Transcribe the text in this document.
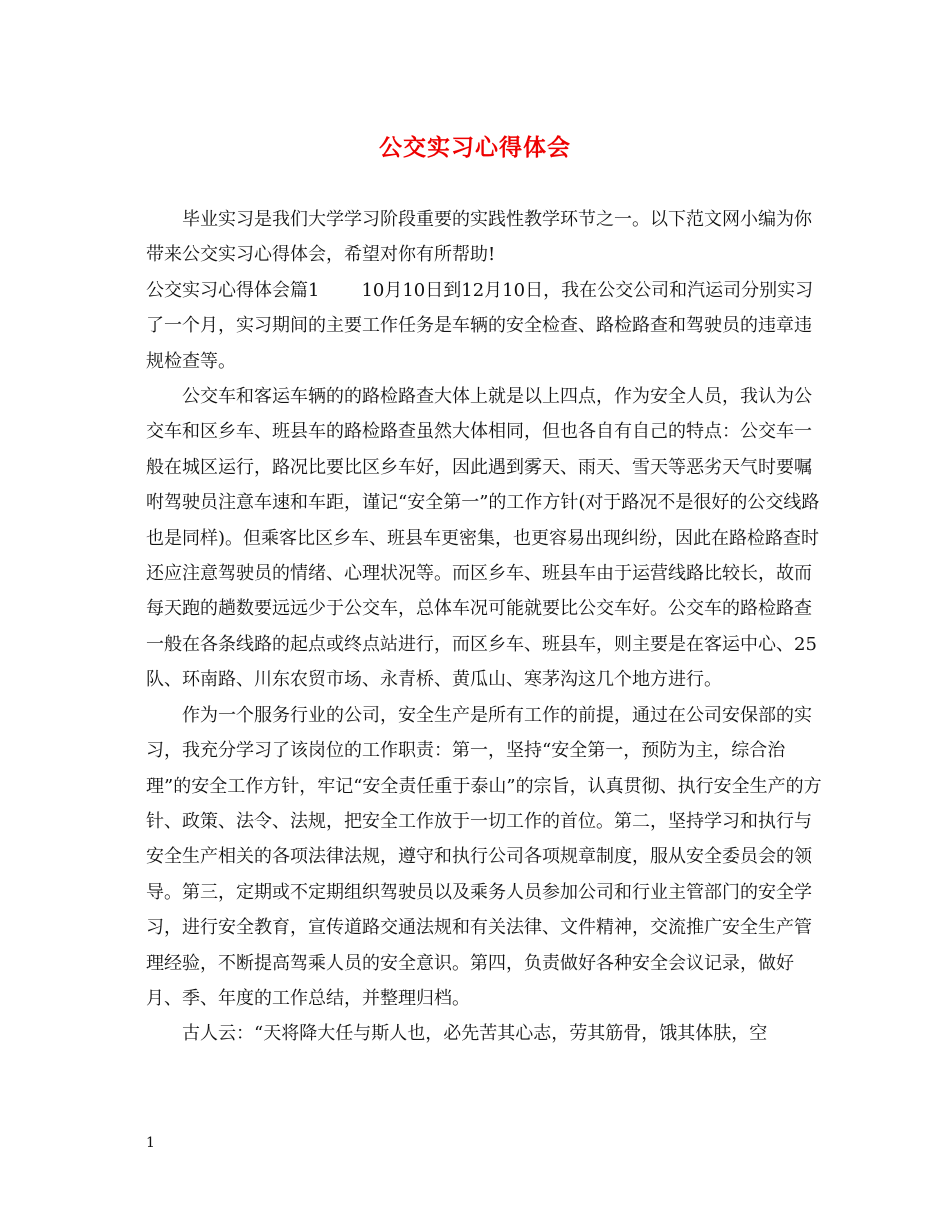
公交实习心得体会

毕业实习是我们大学学习阶段重要的实践性教学环节之一。以下范文网小编为你带来公交实习心得体会，希望对你有所帮助!

公交实习心得体会篇1 10月10日到12月10日，我在公交公司和汽运司分别实习了一个月，实习期间的主要工作任务是车辆的安全检查、路检路查和驾驶员的违章违规检查等。

公交车和客运车辆的的路检路查大体上就是以上四点，作为安全人员，我认为公交车和区乡车、班县车的路检路查虽然大体相同，但也各自有自己的特点：公交车一般在城区运行，路况比要比区乡车好，因此遇到雾天、雨天、雪天等恶劣天气时要嘱咐驾驶员注意车速和车距，谨记“安全第一”的工作方针(对于路况不是很好的公交线路也是同样)。但乘客比区乡车、班县车更密集，也更容易出现纠纷，因此在路检路查时还应注意驾驶员的情绪、心理状况等。而区乡车、班县车由于运营线路比较长，故而每天跑的趟数要远远少于公交车，总体车况可能就要比公交车好。公交车的路检路查一般在各条线路的起点或终点站进行，而区乡车、班县车，则主要是在客运中心、25队、环南路、川东农贸市场、永青桥、黄瓜山、寒茅沟这几个地方进行。

作为一个服务行业的公司，安全生产是所有工作的前提，通过在公司安保部的实习，我充分学习了该岗位的工作职责：第一，坚持“安全第一，预防为主，综合治理”的安全工作方针，牢记“安全责任重于泰山”的宗旨，认真贯彻、执行安全生产的方针、政策、法令、法规，把安全工作放于一切工作的首位。第二，坚持学习和执行与安全生产相关的各项法律法规，遵守和执行公司各项规章制度，服从安全委员会的领导。第三，定期或不定期组织驾驶员以及乘务人员参加公司和行业主管部门的安全学习，进行安全教育，宣传道路交通法规和有关法律、文件精神，交流推广安全生产管理经验，不断提高驾乘人员的安全意识。第四，负责做好各种安全会议记录，做好月、季、年度的工作总结，并整理归档。

古人云：“天将降大任与斯人也，必先苦其心志，劳其筋骨，饿其体肤，空

1
